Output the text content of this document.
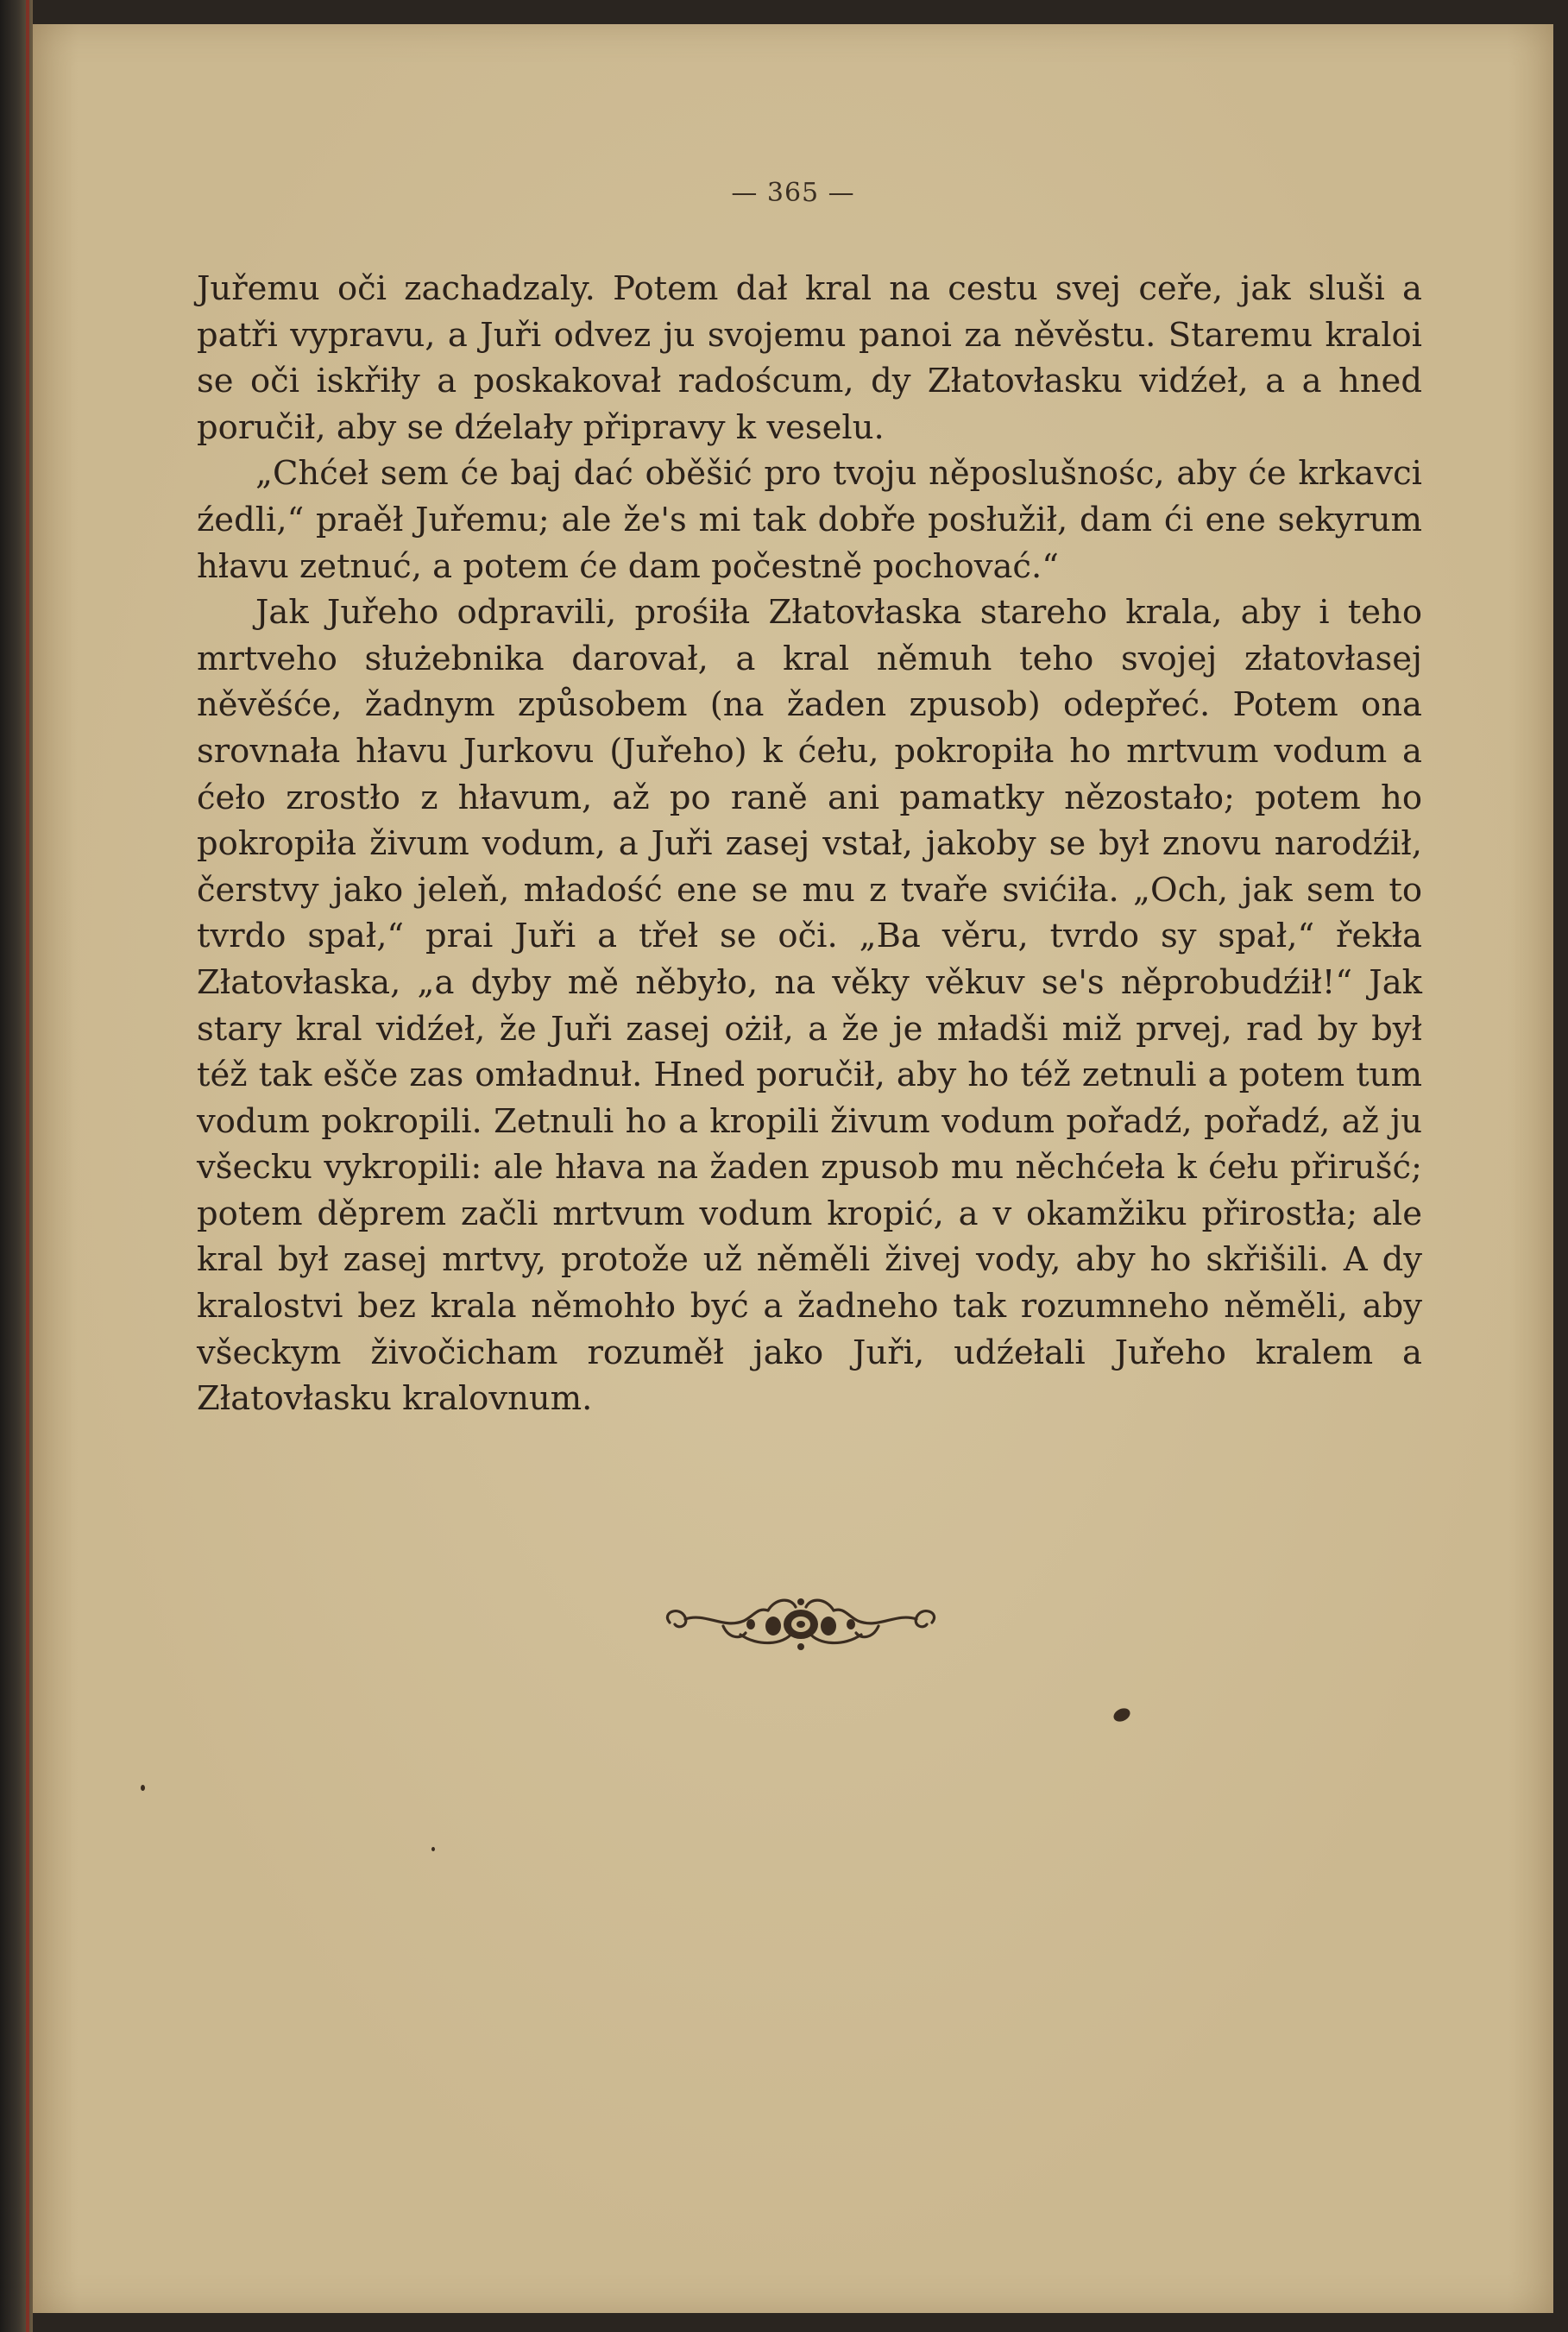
— 365 —

Juřemu oči zachadzaly. Potem dał kral na cestu svej ceře, jak sluši a patři vypravu, a Juři odvez ju svojemu panoi za něvěstu. Staremu kraloi se oči iskřiły a poskakovał radoścum, dy Złatovłasku vidźeł, a a hned poručił, aby se dźelały připravy k veselu.

„Chćeł sem će baj dać oběšić pro tvoju něposlušnośc, aby će krkavci źedli,“ praěł Juřemu; ale že's mi tak dobře posłužił, dam ći ene sekyrum hłavu zetnuć, a potem će dam počestně pochovać.“

Jak Juřeho odpravili, prośiła Złatovłaska stareho krala, aby i teho mrtveho służebnika darovał, a kral němuh teho svojej złatovłasej něvěśće, žadnym způsobem (na žaden zpusob) odepřeć. Potem ona srovnała hłavu Jurkovu (Juřeho) k ćełu, pokropiła ho mrtvum vodum a ćeło zrostło z hłavum, až po raně ani pamatky nězostało; potem ho pokropiła živum vodum, a Juři zasej vstał, jakoby se był znovu narodźił, čerstvy jako jeleň, mładość ene se mu z tvaře svićiła. „Och, jak sem to tvrdo spał,“ prai Juři a třeł se oči. „Ba věru, tvrdo sy spał,“ řekła Złatovłaska, „a dyby mě něbyło, na věky věkuv se's něprobudźił!“ Jak stary kral vidźeł, že Juři zasej ożił, a že je mładši miž prvej, rad by był též tak ešče zas omładnuł. Hned poručił, aby ho též zetnuli a potem tum vodum pokropili. Zetnuli ho a kropili živum vodum pořadź, pořadź, až ju všecku vykropili: ale hłava na žaden zpusob mu něchćeła k ćełu přirušć; potem děprem začli mrtvum vodum kropić, a v okamžiku přirostła; ale kral był zasej mrtvy, protože už něměli živej vody, aby ho skřišili. A dy kralostvi bez krala němohło być a žadneho tak rozumneho něměli, aby všeckym živočicham rozuměł jako Juři, udźełali Juřeho kralem a Złatovłasku kralovnum.
